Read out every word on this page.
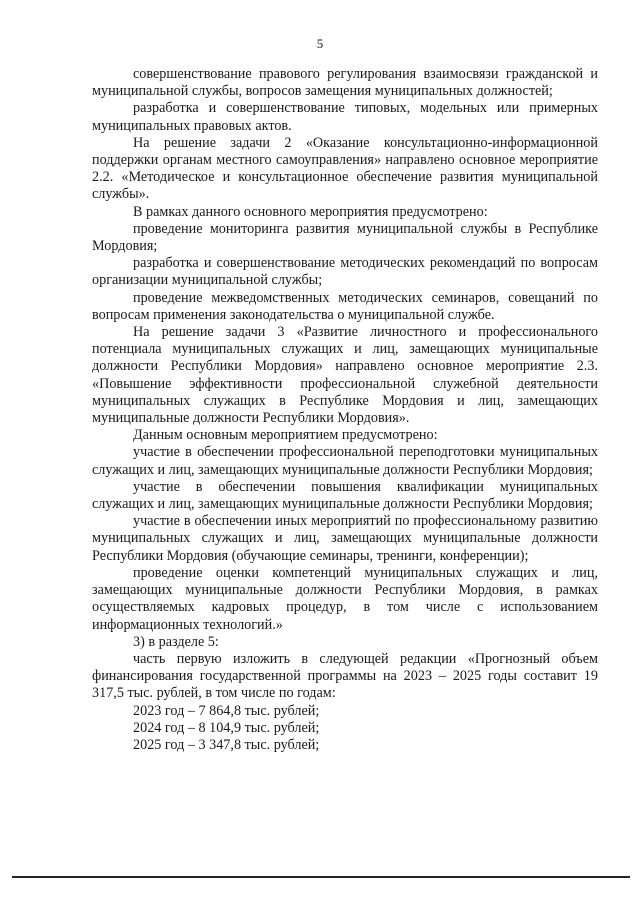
5

совершенствование правового регулирования взаимосвязи гражданской и муниципальной службы, вопросов замещения муниципальных должностей;

разработка и совершенствование типовых, модельных или примерных муниципальных правовых актов.

На решение задачи 2 «Оказание консультационно-информационной поддержки органам местного самоуправления» направлено основное мероприятие 2.2. «Методическое и консультационное обеспечение развития муниципальной службы».

В рамках данного основного мероприятия предусмотрено:

проведение мониторинга развития муниципальной службы в Республике Мордовия;

разработка и совершенствование методических рекомендаций по вопросам организации муниципальной службы;

проведение межведомственных методических семинаров, совещаний по вопросам применения законодательства о муниципальной службе.

На решение задачи 3 «Развитие личностного и профессионального потенциала муниципальных служащих и лиц, замещающих муниципальные должности Республики Мордовия» направлено основное мероприятие 2.3. «Повышение эффективности профессиональной служебной деятельности муниципальных служащих в Республике Мордовия и лиц, замещающих муниципальные должности Республики Мордовия».

Данным основным мероприятием предусмотрено:

участие в обеспечении профессиональной переподготовки муниципальных служащих и лиц, замещающих муниципальные должности Республики Мордовия;

участие в обеспечении повышения квалификации муниципальных служащих и лиц, замещающих муниципальные должности Республики Мордовия;

участие в обеспечении иных мероприятий по профессиональному развитию муниципальных служащих и лиц, замещающих муниципальные должности Республики Мордовия (обучающие семинары, тренинги, конференции);

проведение оценки компетенций муниципальных служащих и лиц, замещающих муниципальные должности Республики Мордовия, в рамках осуществляемых кадровых процедур, в том числе с использованием информационных технологий.»

3) в разделе 5:

часть первую изложить в следующей редакции «Прогнозный объем финансирования государственной программы на 2023 – 2025 годы составит 19 317,5 тыс. рублей, в том числе по годам:

2023 год – 7 864,8 тыс. рублей;

2024 год – 8 104,9 тыс. рублей;

2025 год – 3 347,8 тыс. рублей;
